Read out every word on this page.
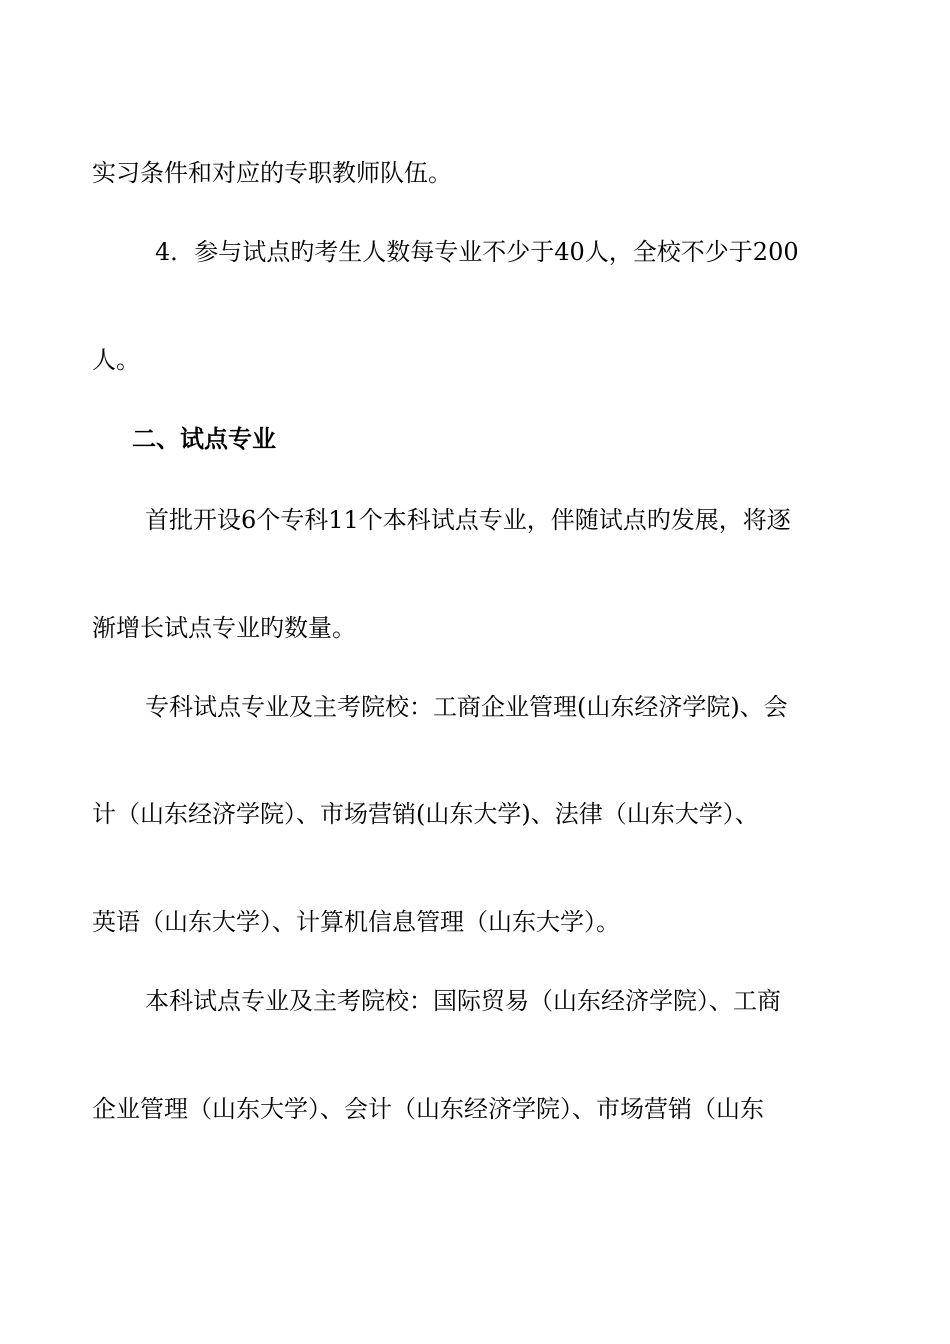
实习条件和对应的专职教师队伍。
4．参与试点旳考生人数每专业不少于40人，全校不少于200
人。
二、试点专业
首批开设6个专科11个本科试点专业，伴随试点旳发展，将逐
渐增长试点专业旳数量。
专科试点专业及主考院校：工商企业管理(山东经济学院)、会
计（山东经济学院）、市场营销(山东大学)、法律（山东大学）、
英语（山东大学）、计算机信息管理（山东大学）。
本科试点专业及主考院校：国际贸易（山东经济学院）、工商
企业管理（山东大学）、会计（山东经济学院）、市场营销（山东
